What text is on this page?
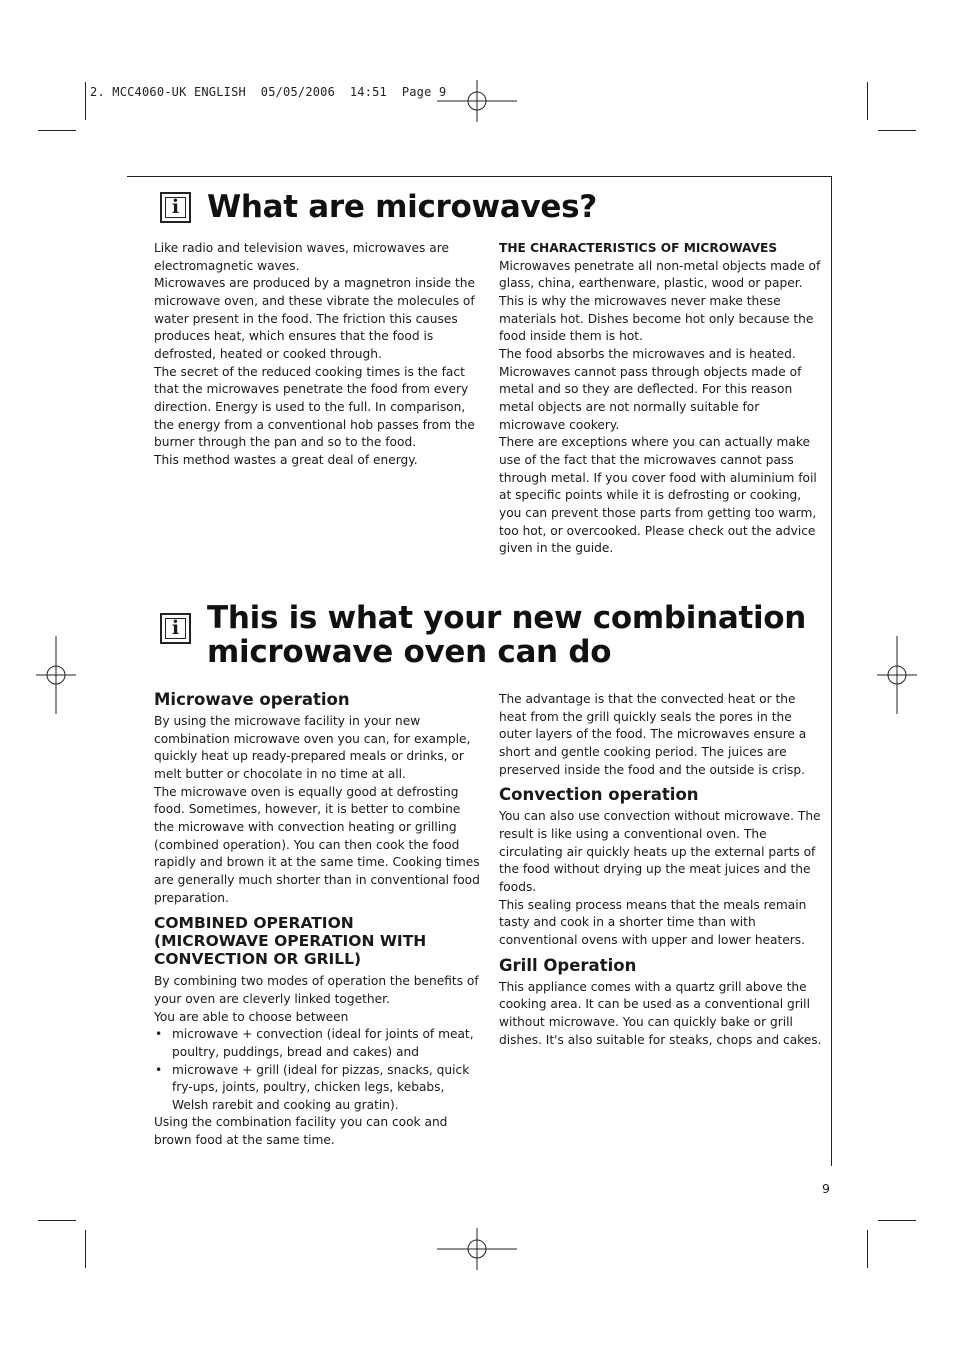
2. MCC4060-UK ENGLISH  05/05/2006  14:51  Page 9
i What are microwaves?

Like radio and television waves, microwaves are electromagnetic waves.

Microwaves are produced by a magnetron inside the microwave oven, and these vibrate the molecules of water present in the food. The friction this causes produces heat, which ensures that the food is defrosted, heated or cooked through.

The secret of the reduced cooking times is the fact that the microwaves penetrate the food from every direction. Energy is used to the full. In comparison, the energy from a conventional hob passes from the burner through the pan and so to the food.

This method wastes a great deal of energy.

THE CHARACTERISTICS OF MICROWAVES

Microwaves penetrate all non-metal objects made of glass, china, earthenware, plastic, wood or paper. This is why the microwaves never make these materials hot. Dishes become hot only because the food inside them is hot.

The food absorbs the microwaves and is heated.

Microwaves cannot pass through objects made of metal and so they are deflected. For this reason metal objects are not normally suitable for microwave cookery.

There are exceptions where you can actually make use of the fact that the microwaves cannot pass through metal. If you cover food with aluminium foil at specific points while it is defrosting or cooking, you can prevent those parts from getting too warm, too hot, or overcooked. Please check out the advice given in the guide.

i This is what your new combination
microwave oven can do
Microwave operation

By using the microwave facility in your new combination microwave oven you can, for example, quickly heat up ready-prepared meals or drinks, or melt butter or chocolate in no time at all.

The microwave oven is equally good at defrosting food. Sometimes, however, it is better to combine the microwave with convection heating or grilling (combined operation). You can then cook the food rapidly and brown it at the same time. Cooking times are generally much shorter than in conventional food preparation.

COMBINED OPERATION
(MICROWAVE OPERATION WITH
CONVECTION OR GRILL)

By combining two modes of operation the benefits of your oven are cleverly linked together.

You are able to choose between

• microwave + convection (ideal for joints of meat, poultry, puddings, bread and cakes) and
• microwave + grill (ideal for pizzas, snacks, quick fry-ups, joints, poultry, chicken legs, kebabs, Welsh rarebit and cooking au gratin).

Using the combination facility you can cook and brown food at the same time.

The advantage is that the convected heat or the heat from the grill quickly seals the pores in the outer layers of the food. The microwaves ensure a short and gentle cooking period. The juices are preserved inside the food and the outside is crisp.

Convection operation

You can also use convection without microwave. The result is like using a conventional oven. The circulating air quickly heats up the external parts of the food without drying up the meat juices and the foods.

This sealing process means that the meals remain tasty and cook in a shorter time than with conventional ovens with upper and lower heaters.

Grill Operation

This appliance comes with a quartz grill above the cooking area. It can be used as a conventional grill without microwave. You can quickly bake or grill dishes. It's also suitable for steaks, chops and cakes.

9
